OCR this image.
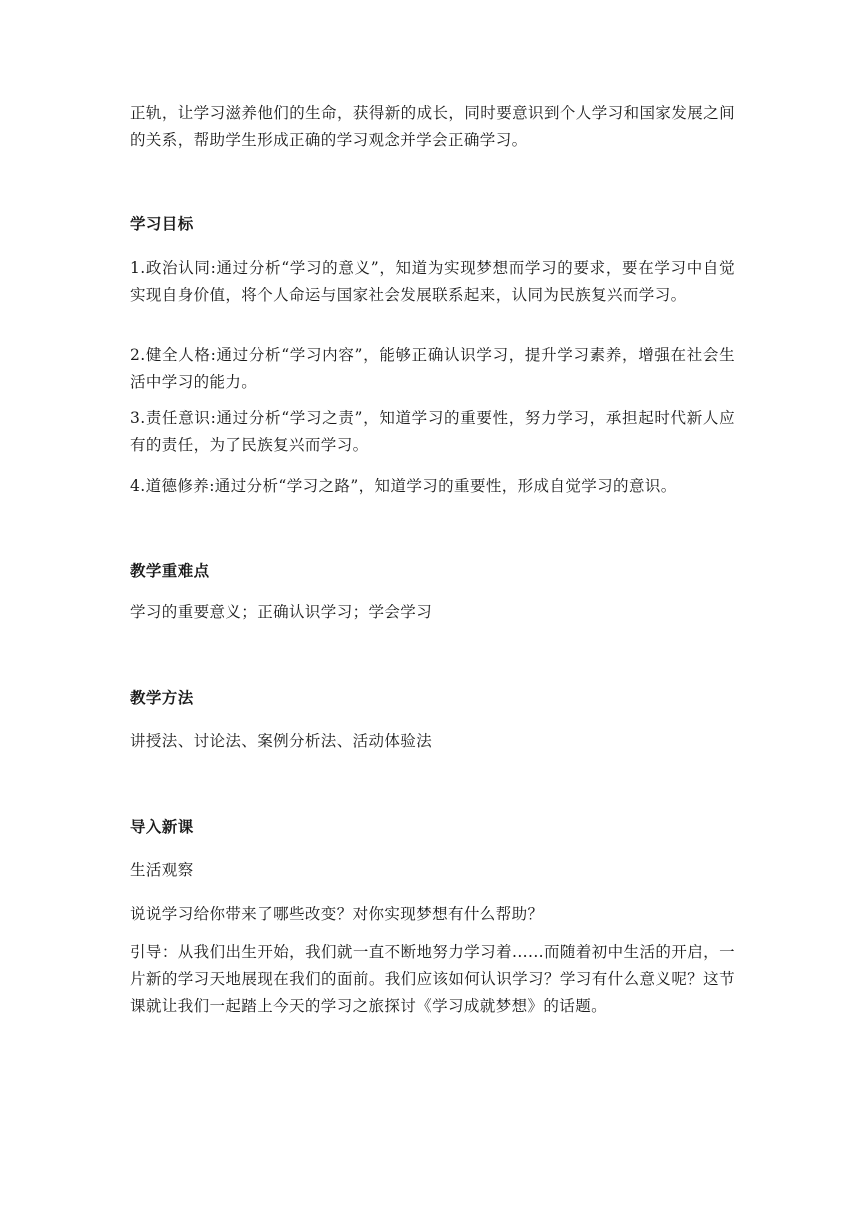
正轨，让学习滋养他们的生命，获得新的成长，同时要意识到个人学习和国家发展之间的关系，帮助学生形成正确的学习观念并学会正确学习。

学习目标

1.政治认同:通过分析“学习的意义”，知道为实现梦想而学习的要求，要在学习中自觉实现自身价值，将个人命运与国家社会发展联系起来，认同为民族复兴而学习。

2.健全人格:通过分析“学习内容”，能够正确认识学习，提升学习素养，增强在社会生活中学习的能力。

3.责任意识:通过分析“学习之责”，知道学习的重要性，努力学习，承担起时代新人应有的责任，为了民族复兴而学习。

4.道德修养:通过分析“学习之路”，知道学习的重要性，形成自觉学习的意识。

教学重难点

学习的重要意义；正确认识学习；学会学习

教学方法

讲授法、讨论法、案例分析法、活动体验法

导入新课

生活观察

说说学习给你带来了哪些改变？对你实现梦想有什么帮助？

引导：从我们出生开始，我们就一直不断地努力学习着......而随着初中生活的开启，一片新的学习天地展现在我们的面前。我们应该如何认识学习？学习有什么意义呢？这节课就让我们一起踏上今天的学习之旅探讨《学习成就梦想》的话题。
